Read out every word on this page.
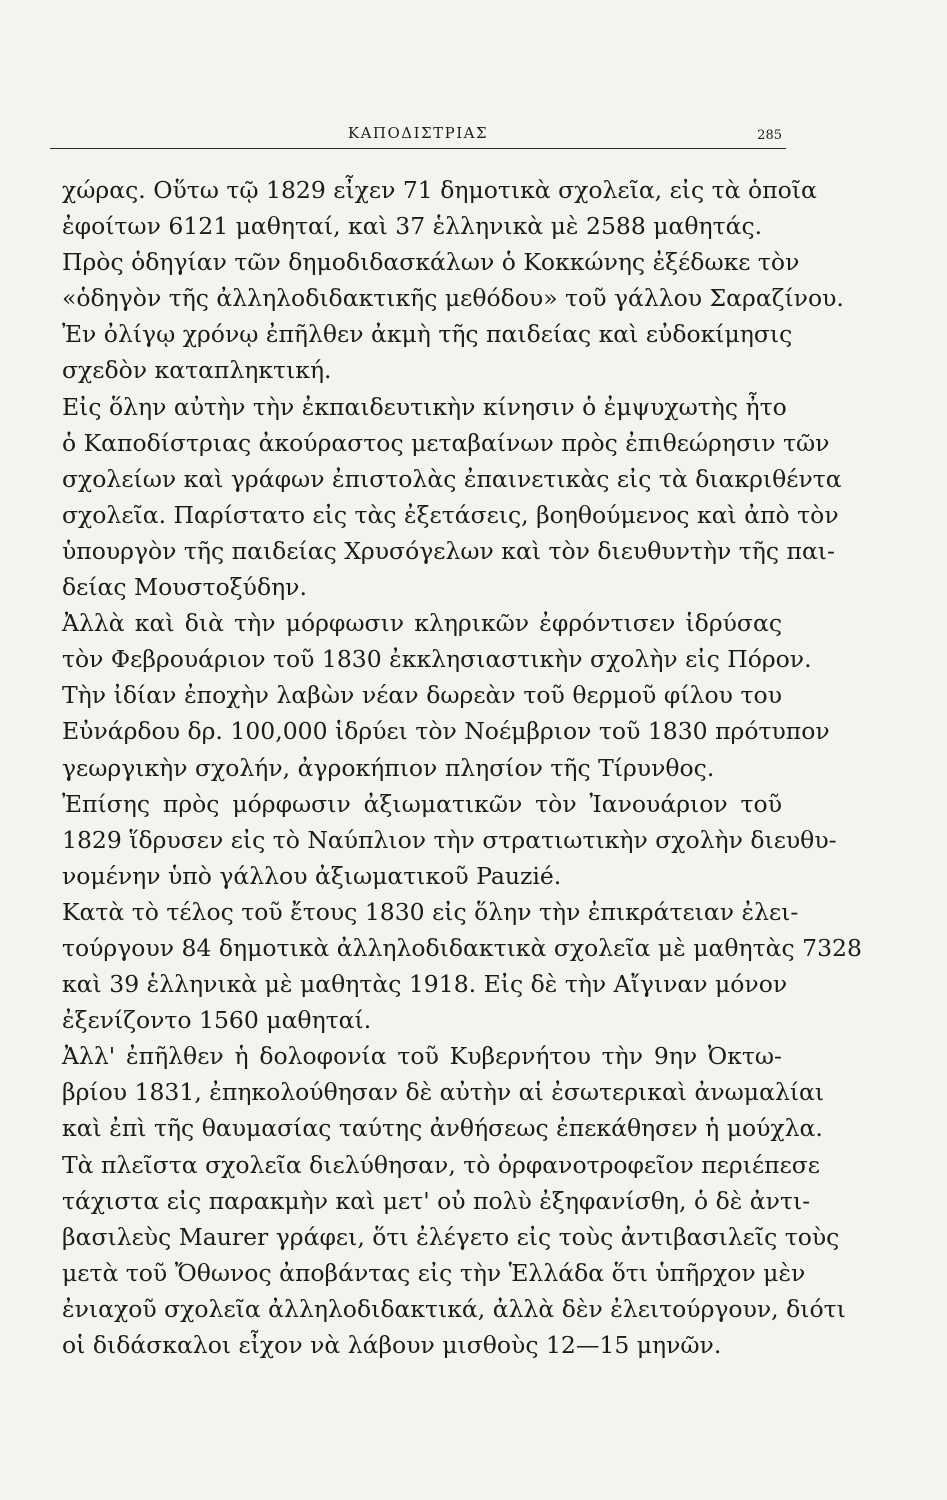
ΚΑΠΟΔΙΣΤΡΙΑΣ	285
χώρας. Οὕτω τῷ 1829 εἶχεν 71 δημοτικὰ σχολεῖα, εἰς τὰ ὁποῖα
ἐφοίτων 6121 μαθηταί, καὶ 37 ἑλληνικὰ μὲ 2588 μαθητάς.
Πρὸς ὁδηγίαν τῶν δημοδιδασκάλων ὁ Κοκκώνης ἐξέδωκε τὸν
«ὁδηγὸν τῆς ἀλληλοδιδακτικῆς μεθόδου» τοῦ γάλλου Σαραζίνου.
Ἐν ὀλίγῳ χρόνῳ ἐπῆλθεν ἀκμὴ τῆς παιδείας καὶ εὐδοκίμησις
σχεδὸν καταπληκτική.
Εἰς ὅλην αὐτὴν τὴν ἐκπαιδευτικὴν κίνησιν ὁ ἐμψυχωτὴς ἦτο
ὁ Καποδίστριας ἀκούραστος μεταβαίνων πρὸς ἐπιθεώρησιν τῶν
σχολείων καὶ γράφων ἐπιστολὰς ἐπαινετικὰς εἰς τὰ διακριθέντα
σχολεῖα. Παρίστατο εἰς τὰς ἐξετάσεις, βοηθούμενος καὶ ἀπὸ τὸν
ὑπουργὸν τῆς παιδείας Χρυσόγελων καὶ τὸν διευθυντὴν τῆς παι-
δείας Μουστοξύδην.
Ἀλλὰ καὶ διὰ τὴν μόρφωσιν κληρικῶν ἐφρόντισεν ἱδρύσας
τὸν Φεβρουάριον τοῦ 1830 ἐκκλησιαστικὴν σχολὴν εἰς Πόρον.
Τὴν ἰδίαν ἐποχὴν λαβὼν νέαν δωρεὰν τοῦ θερμοῦ φίλου του
Εὐνάρδου δρ. 100,000 ἱδρύει τὸν Νοέμβριον τοῦ 1830 πρότυπον
γεωργικὴν σχολήν, ἀγροκήπιον πλησίον τῆς Τίρυνθος.
Ἐπίσης πρὸς μόρφωσιν ἀξιωματικῶν τὸν Ἰανουάριον τοῦ
1829 ἵδρυσεν εἰς τὸ Ναύπλιον τὴν στρατιωτικὴν σχολὴν διευθυ-
νομένην ὑπὸ γάλλου ἀξιωματικοῦ Pauzié.
Κατὰ τὸ τέλος τοῦ ἔτους 1830 εἰς ὅλην τὴν ἐπικράτειαν ἐλει-
τούργουν 84 δημοτικὰ ἀλληλοδιδακτικὰ σχολεῖα μὲ μαθητὰς 7328
καὶ 39 ἑλληνικὰ μὲ μαθητὰς 1918. Εἰς δὲ τὴν Αἴγιναν μόνον
ἐξενίζοντο 1560 μαθηταί.
Ἀλλ' ἐπῆλθεν ἡ δολοφονία τοῦ Κυβερνήτου τὴν 9ην Ὀκτω-
βρίου 1831, ἐπηκολούθησαν δὲ αὐτὴν αἱ ἐσωτερικαὶ ἀνωμαλίαι
καὶ ἐπὶ τῆς θαυμασίας ταύτης ἀνθήσεως ἐπεκάθησεν ἡ μούχλα.
Τὰ πλεῖστα σχολεῖα διελύθησαν, τὸ ὀρφανοτροφεῖον περιέπεσε
τάχιστα εἰς παρακμὴν καὶ μετ' οὐ πολὺ ἐξηφανίσθη, ὁ δὲ ἀντι-
βασιλεὺς Maurer γράφει, ὅτι ἐλέγετο εἰς τοὺς ἀντιβασιλεῖς τοὺς
μετὰ τοῦ Ὄθωνος ἀποβάντας εἰς τὴν Ἑλλάδα ὅτι ὑπῆρχον μὲν
ἐνιαχοῦ σχολεῖα ἀλληλοδιδακτικά, ἀλλὰ δὲν ἐλειτούργουν, διότι
οἱ διδάσκαλοι εἶχον νὰ λάβουν μισθοὺς 12—15 μηνῶν.
